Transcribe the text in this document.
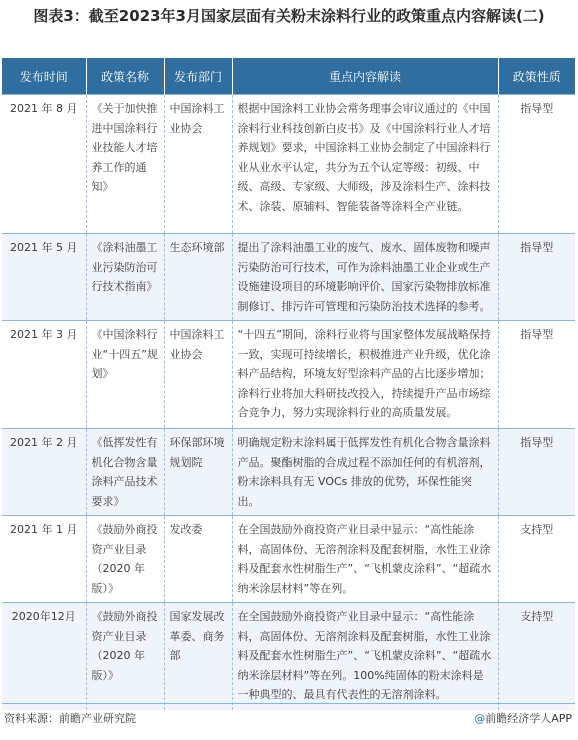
图表3：截至2023年3月国家层面有关粉末涂料行业的政策重点内容解读(二)
发布时间	政策名称	发布部门	重点内容解读	政策性质
2021 年 8 月	《关于加快推进中国涂料行业技能人才培养工作的通知》	中国涂料工业协会	根据中国涂料工业协会常务理事会审议通过的《中国涂料行业科技创新白皮书》及《中国涂料行业人才培养规划》要求，中国涂料工业协会制定了中国涂料行业从业水平认定，共分为五个认定等级：初级、中级、高级、专家级、大师级，涉及涂料生产、涂料技术、涂装、原辅料、智能装备等涂料全产业链。	指导型
2021 年 5 月	《涂料油墨工业污染防治可行技术指南》	生态环境部	提出了涂料油墨工业的废气、废水、固体废物和噪声污染防治可行技术，可作为涂料油墨工业企业或生产设施建设项目的环境影响评价、国家污染物排放标准制修订、排污许可管理和污染防治技术选择的参考。	指导型
2021 年 3 月	《中国涂料行业“十四五”规划》	中国涂料工业协会	“十四五”期间，涂料行业将与国家整体发展战略保持一致，实现可持续增长，积极推进产业升级，优化涂料产品结构，环境友好型涂料产品的占比逐步增加；涂料行业将加大科研技改投入，持续提升产品市场综合竞争力，努力实现涂料行业的高质量发展。	指导型
2021 年 2 月	《低挥发性有机化合物含量涂料产品技术要求》	环保部环境规划院	明确规定粉末涂料属于低挥发性有机化合物含量涂料产品。聚酯树脂的合成过程不添加任何的有机溶剂，粉末涂料具有无 VOCs 排放的优势，环保性能突出。	指导型
2021 年 1 月	《鼓励外商投资产业目录（2020 年版）》	发改委	在全国鼓励外商投资产业目录中显示：“高性能涂料，高固体份、无溶剂涂料及配套树脂，水性工业涂料及配套水性树脂生产”、“飞机蒙皮涂料”、“超疏水纳米涂层材料”等在列。	支持型
2020年12月	《鼓励外商投资产业目录（2020 年版）》	国家发展改革委、商务部	在全国鼓励外商投资产业目录中显示：“高性能涂料，高固体份、无溶剂涂料及配套树脂，水性工业涂料及配套水性树脂生产”、“飞机蒙皮涂料”、“超疏水纳米涂层材料”等在列。100%纯固体的粉末涂料是一种典型的、最具有代表性的无溶剂涂料。	支持型
资料来源：前瞻产业研究院	@前瞻经济学人APP
